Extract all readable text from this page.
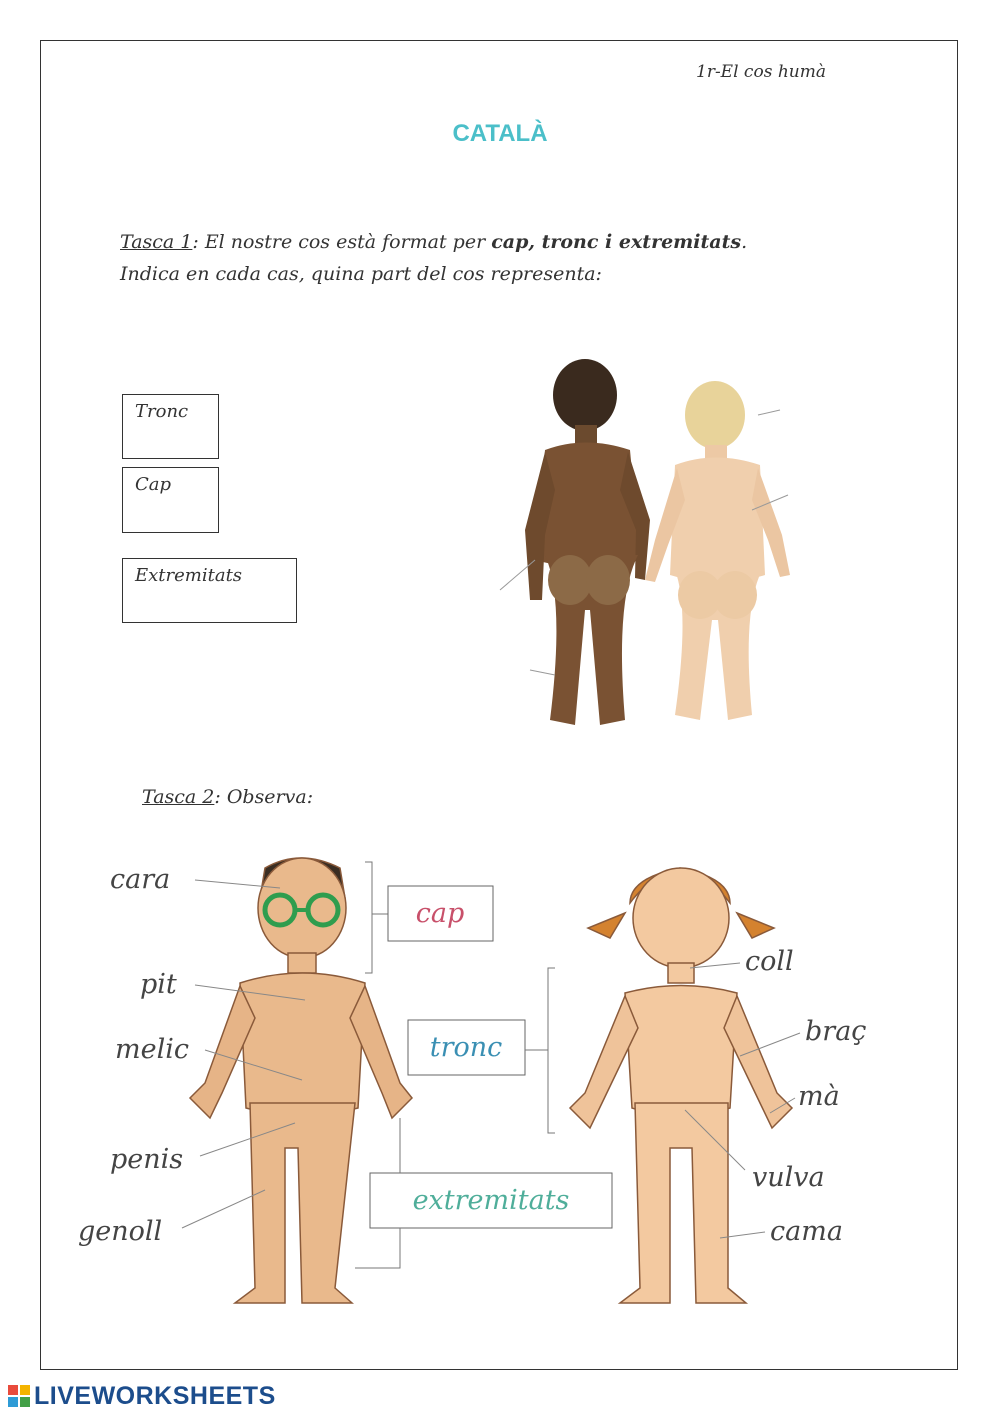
1r-El cos humà
CATALÀ
Tasca 1: El nostre cos està format per cap, tronc i extremitats.
Indica en cada cas, quina part del cos representa:
Tronc
Cap
Extremitats
Tasca 2: Observa:
cara
pit
melic
penis
genoll
cap
tronc
extremitats
coll
braç
mà
vulva
cama
LIVEWORKSHEETS
